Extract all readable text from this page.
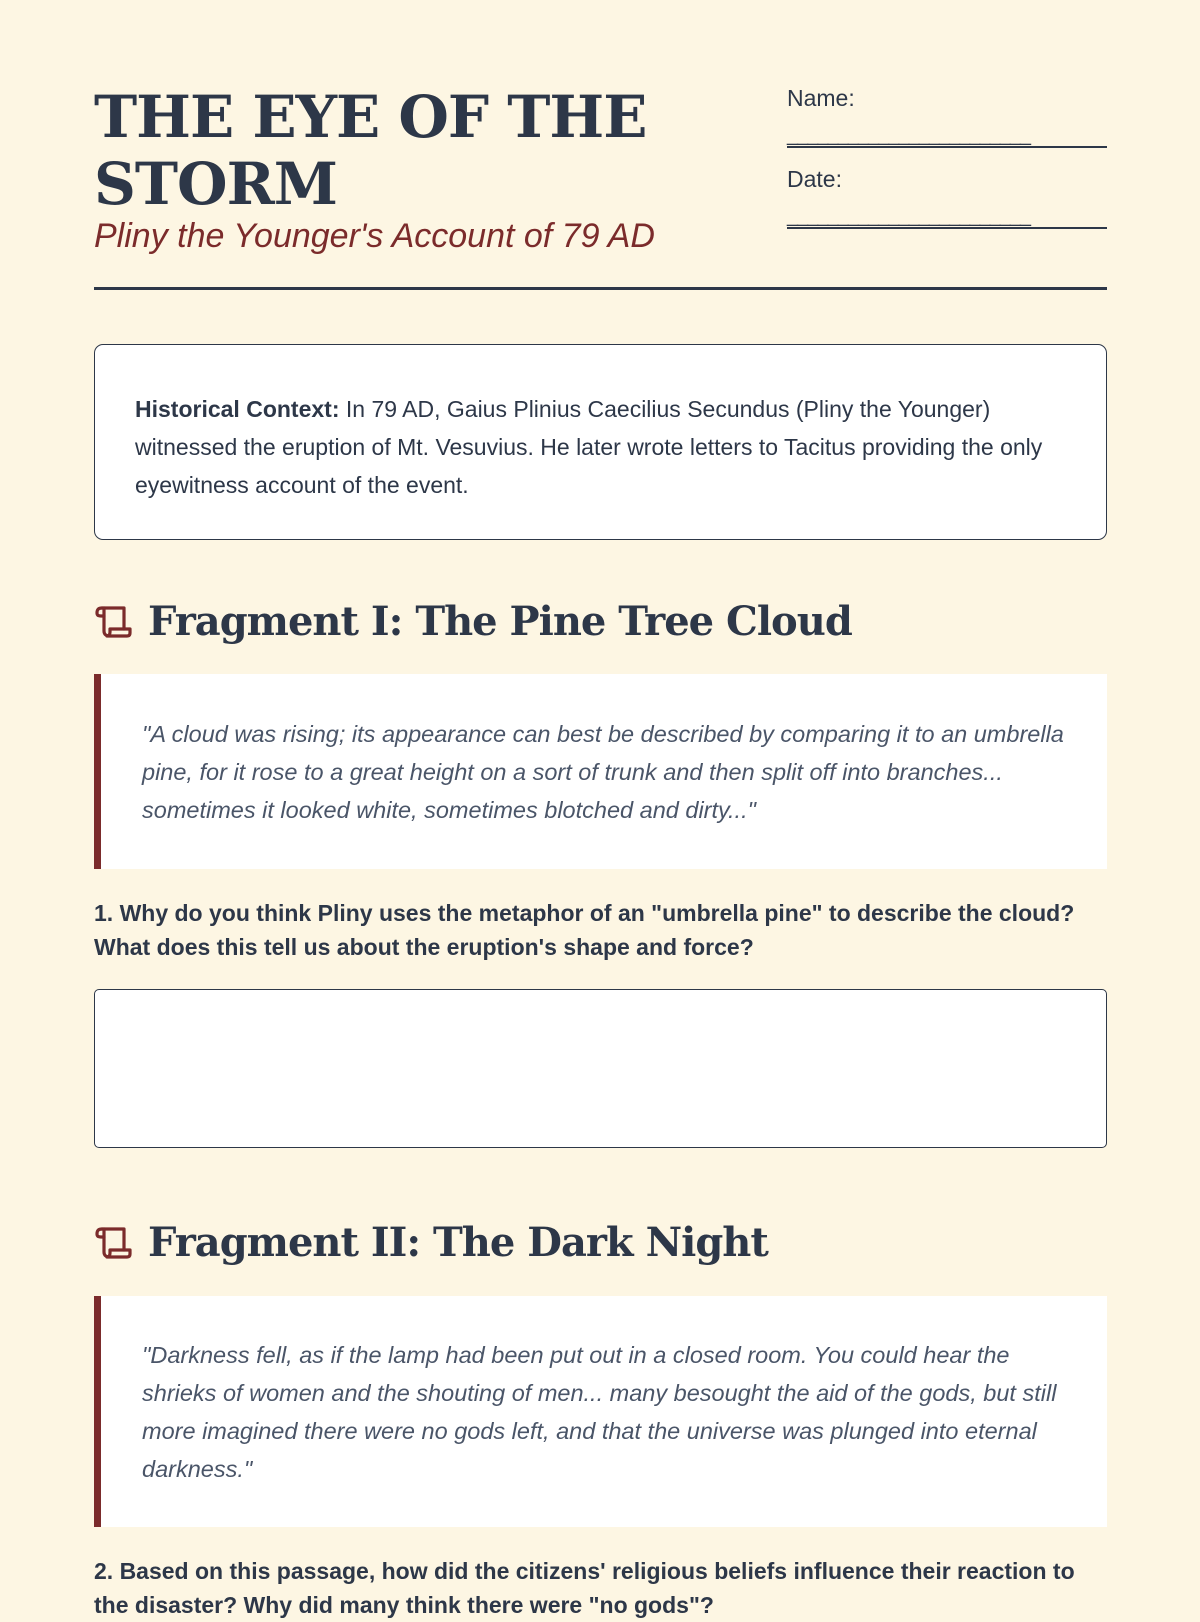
THE EYE OF THE STORM
Pliny the Younger's Account of 79 AD
Name:
________________________
Date:
________________________
Historical Context: In 79 AD, Gaius Plinius Caecilius Secundus (Pliny the Younger) witnessed the eruption of Mt. Vesuvius. He later wrote letters to Tacitus providing the only eyewitness account of the event.
Fragment I: The Pine Tree Cloud
"A cloud was rising; its appearance can best be described by comparing it to an umbrella pine, for it rose to a great height on a sort of trunk and then split off into branches... sometimes it looked white, sometimes blotched and dirty..."
1. Why do you think Pliny uses the metaphor of an "umbrella pine" to describe the cloud? What does this tell us about the eruption's shape and force?
Fragment II: The Dark Night
"Darkness fell, as if the lamp had been put out in a closed room. You could hear the shrieks of women and the shouting of men... many besought the aid of the gods, but still more imagined there were no gods left, and that the universe was plunged into eternal darkness."
2. Based on this passage, how did the citizens' religious beliefs influence their reaction to the disaster? Why did many think there were "no gods"?
